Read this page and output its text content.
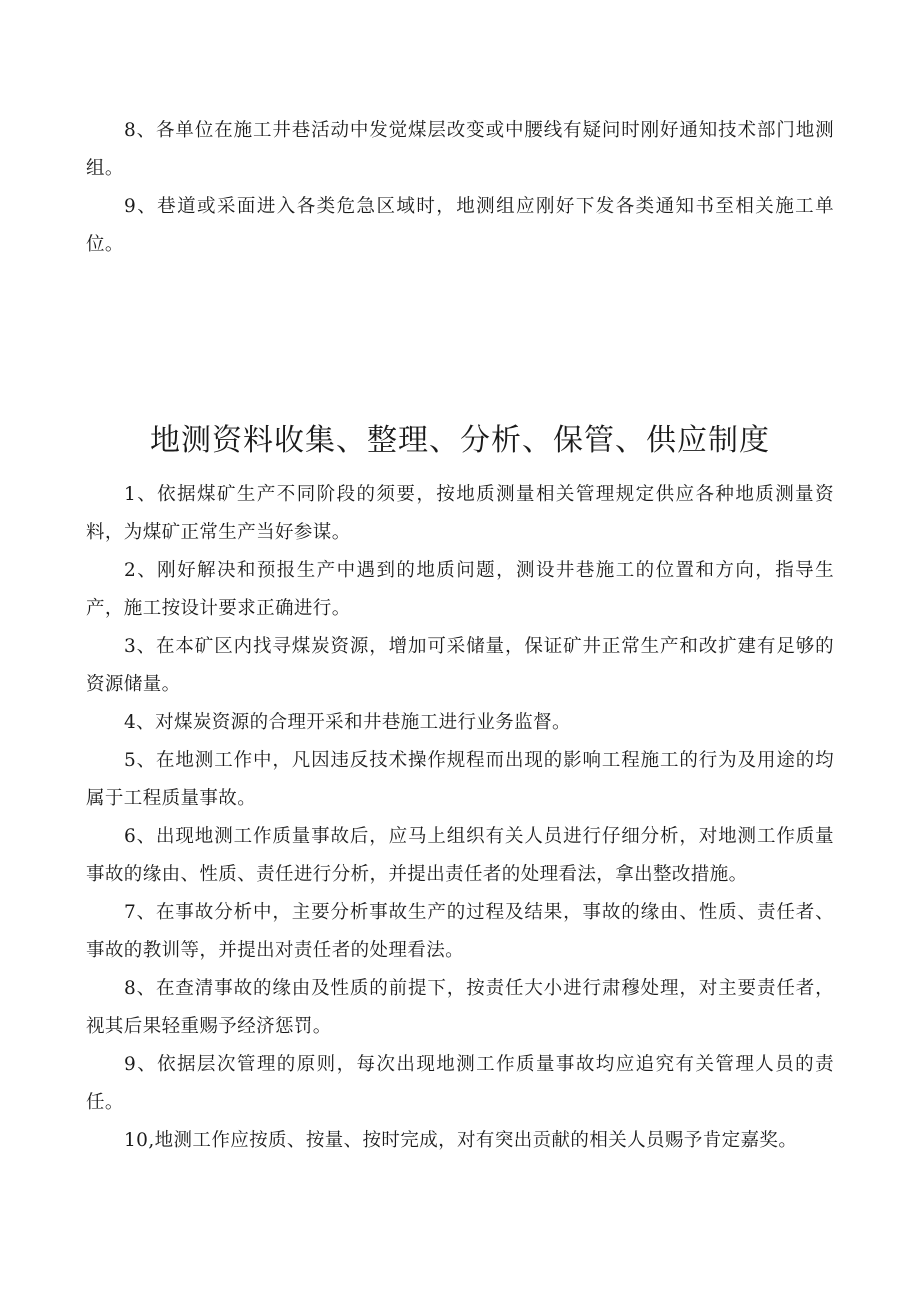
8、各单位在施工井巷活动中发觉煤层改变或中腰线有疑问时刚好通知技术部门地测组。

9、巷道或采面进入各类危急区域时，地测组应刚好下发各类通知书至相关施工单位。

地测资料收集、整理、分析、保管、供应制度

1、依据煤矿生产不同阶段的须要，按地质测量相关管理规定供应各种地质测量资料，为煤矿正常生产当好参谋。

2、刚好解决和预报生产中遇到的地质问题，测设井巷施工的位置和方向，指导生产，施工按设计要求正确进行。

3、在本矿区内找寻煤炭资源，增加可采储量，保证矿井正常生产和改扩建有足够的资源储量。

4、对煤炭资源的合理开采和井巷施工进行业务监督。

5、在地测工作中，凡因违反技术操作规程而出现的影响工程施工的行为及用途的均属于工程质量事故。

6、出现地测工作质量事故后，应马上组织有关人员进行仔细分析，对地测工作质量事故的缘由、性质、责任进行分析，并提出责任者的处理看法，拿出整改措施。

7、在事故分析中，主要分析事故生产的过程及结果，事故的缘由、性质、责任者、事故的教训等，并提出对责任者的处理看法。

8、在查清事故的缘由及性质的前提下，按责任大小进行肃穆处理，对主要责任者，视其后果轻重赐予经济惩罚。

9、依据层次管理的原则，每次出现地测工作质量事故均应追究有关管理人员的责任。

10,地测工作应按质、按量、按时完成，对有突出贡献的相关人员赐予肯定嘉奖。
